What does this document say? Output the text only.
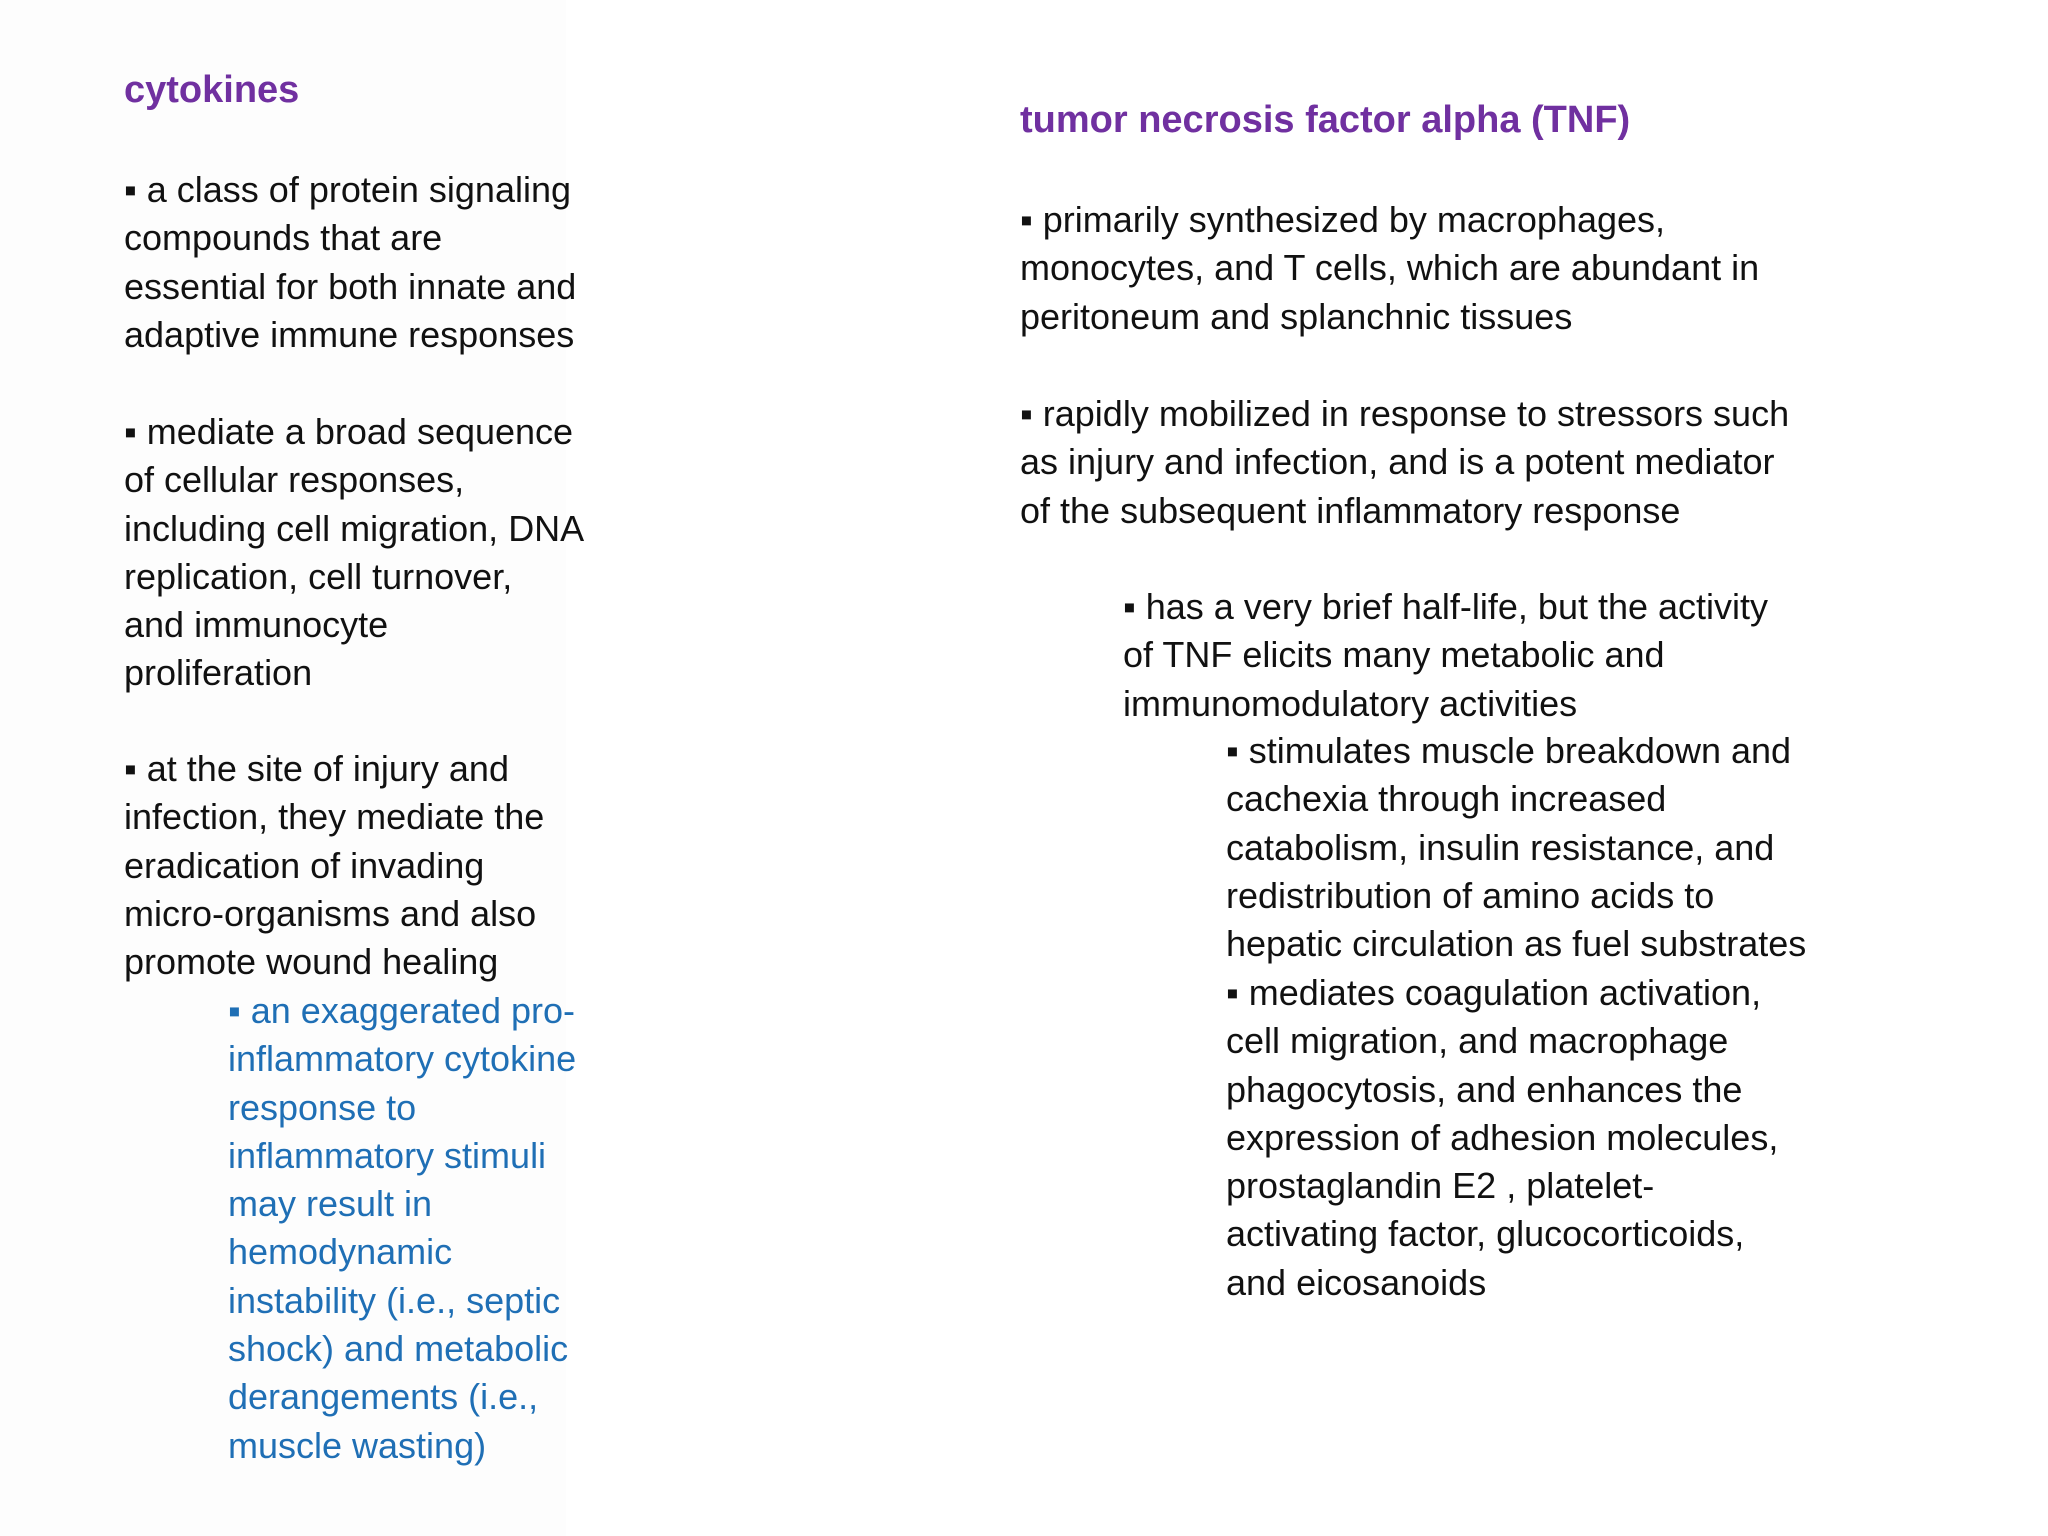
cytokines

▪ a class of protein signaling
compounds that are
essential for both innate and
adaptive immune responses

▪ mediate a broad sequence
of cellular responses,
including cell migration, DNA
replication, cell turnover,
and immunocyte
proliferation

▪ at the site of injury and
infection, they mediate the
eradication of invading
micro-organisms and also
promote wound healing

▪ an exaggerated pro-
inflammatory cytokine
response to
inflammatory stimuli
may result in
hemodynamic
instability (i.e., septic
shock) and metabolic
derangements (i.e.,
muscle wasting)

tumor necrosis factor alpha (TNF)

▪ primarily synthesized by macrophages,
monocytes, and T cells, which are abundant in
peritoneum and splanchnic tissues

▪ rapidly mobilized in response to stressors such
as injury and infection, and is a potent mediator
of the subsequent inflammatory response

▪ has a very brief half-life, but the activity
of TNF elicits many metabolic and
immunomodulatory activities

▪ stimulates muscle breakdown and
cachexia through increased
catabolism, insulin resistance, and
redistribution of amino acids to
hepatic circulation as fuel substrates

▪ mediates coagulation activation,
cell migration, and macrophage
phagocytosis, and enhances the
expression of adhesion molecules,
prostaglandin E2 , platelet-
activating factor, glucocorticoids,
and eicosanoids
